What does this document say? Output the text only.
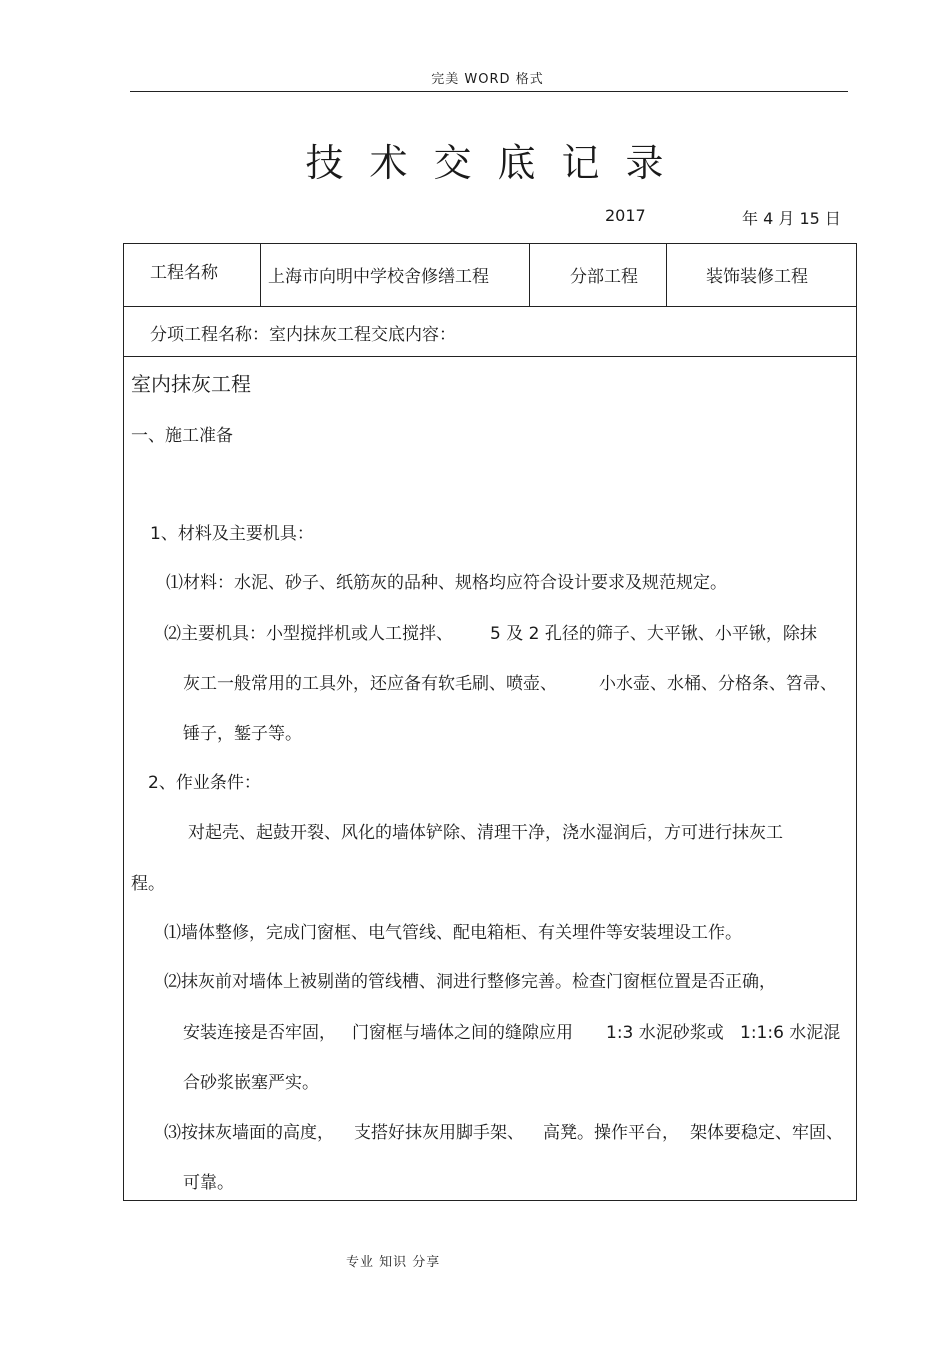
完美 WORD 格式
技术交底记录
2017	年 4 月 15 日
工程名称	上海市向明中学校舍修缮工程	分部工程	装饰装修工程
分项工程名称：室内抹灰工程交底内容：
室内抹灰工程
一、施工准备
1、材料及主要机具：
⑴材料：水泥、砂子、纸筋灰的品种、规格均应符合设计要求及规范规定。
⑵主要机具：小型搅拌机或人工搅拌、 5 及 2 孔径的筛子、大平锹、小平锹，除抹
灰工一般常用的工具外，还应备有软毛刷、喷壶、 小水壶、水桶、分格条、笤帚、
锤子，錾子等。
2、作业条件：
对起壳、起鼓开裂、风化的墙体铲除、清理干净，浇水湿润后，方可进行抹灰工
程。
⑴墙体整修，完成门窗框、电气管线、配电箱柜、有关埋件等安装埋设工作。
⑵抹灰前对墙体上被剔凿的管线槽、洞进行整修完善。检查门窗框位置是否正确，
安装连接是否牢固， 门窗框与墙体之间的缝隙应用 1:3 水泥砂浆或 1:1:6 水泥混
合砂浆嵌塞严实。
⑶按抹灰墙面的高度， 支搭好抹灰用脚手架、 高凳。操作平台， 架体要稳定、牢固、
可靠。
专业 知识 分享
